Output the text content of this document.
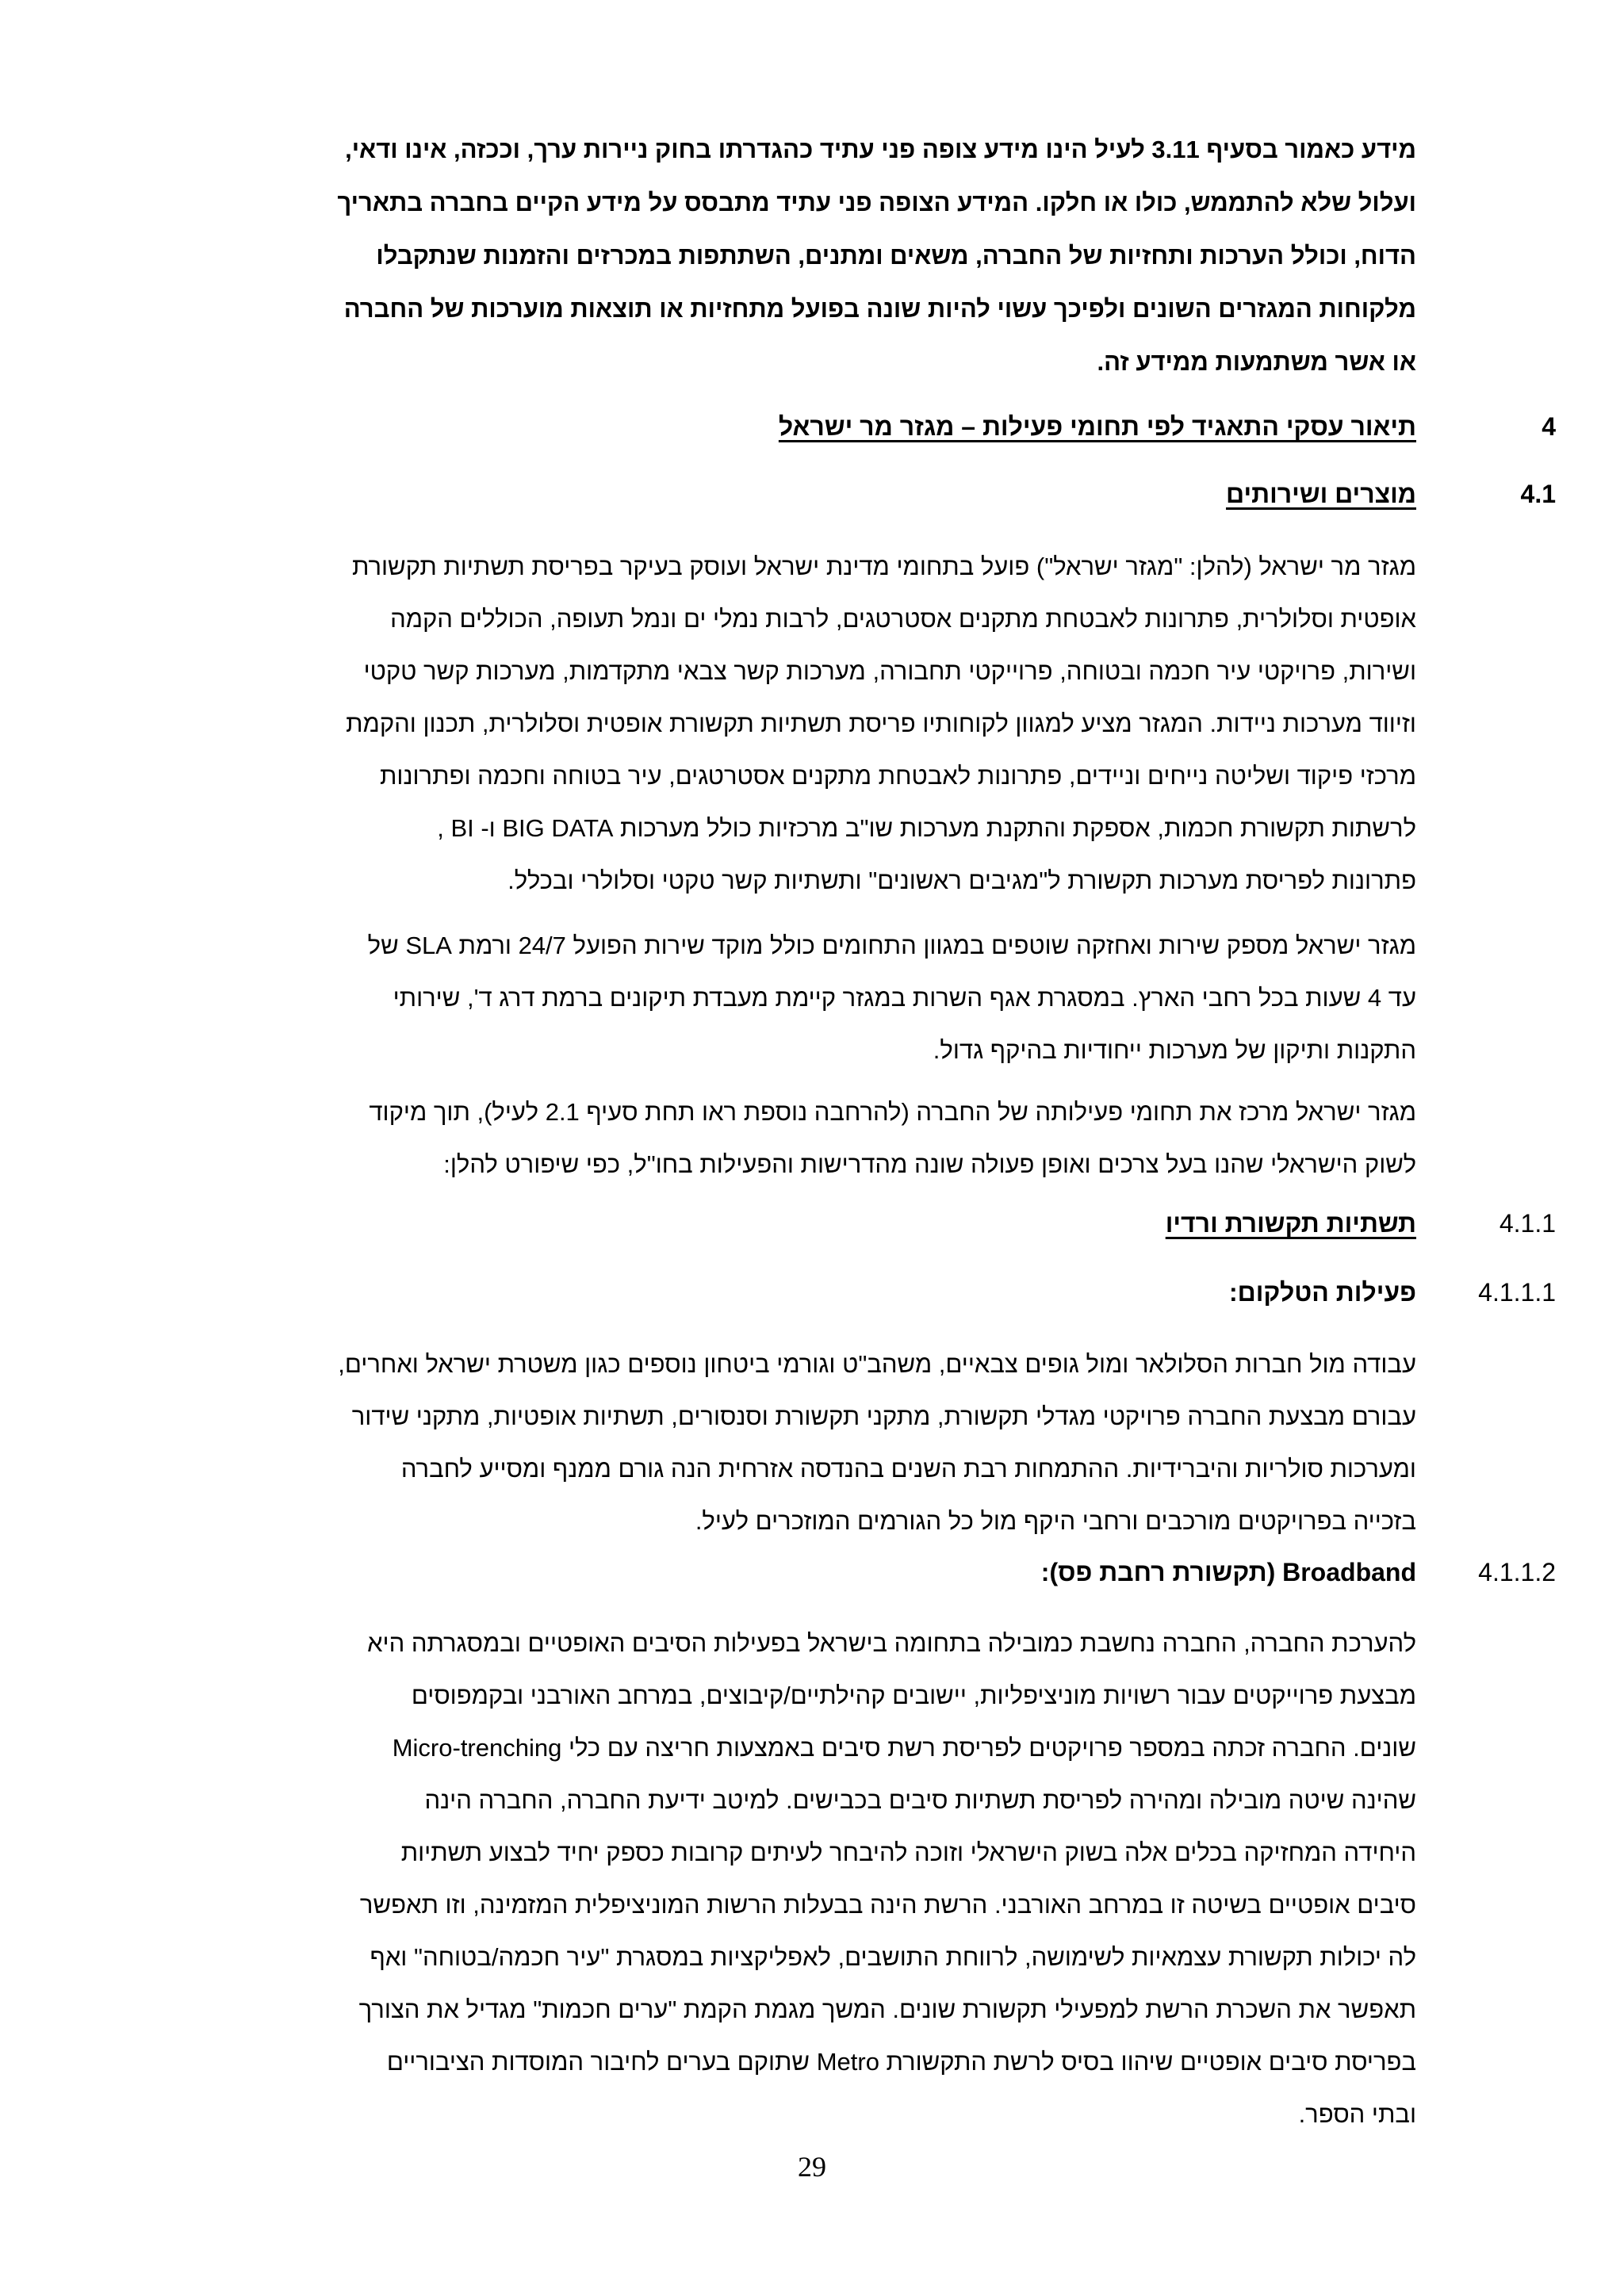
מידע כאמור בסעיף 3.11 לעיל הינו מידע צופה פני עתיד כהגדרתו בחוק ניירות ערך, וככזה, אינו ודאי,
ועלול שלא להתממש, כולו או חלקו. המידע הצופה פני עתיד מתבסס על מידע הקיים בחברה בתאריך
הדוח, וכולל הערכות ותחזיות של החברה, משאים ומתנים, השתתפות במכרזים והזמנות שנתקבלו
מלקוחות המגזרים השונים ולפיכך עשוי להיות שונה בפועל מתחזיות או תוצאות מוערכות של החברה
או אשר משתמעות ממידע זה.
4
תיאור עסקי התאגיד לפי תחומי פעילות – מגזר מר ישראל
4.1
מוצרים ושירותים
מגזר מר ישראל (להלן: "מגזר ישראל") פועל בתחומי מדינת ישראל ועוסק בעיקר בפריסת תשתיות תקשורת
אופטית וסלולרית, פתרונות לאבטחת מתקנים אסטרטגים, לרבות נמלי ים ונמל תעופה, הכוללים הקמה
ושירות, פרויקטי עיר חכמה ובטוחה, פרוייקטי תחבורה, מערכות קשר צבאי מתקדמות, מערכות קשר טקטי
וזיווד מערכות ניידות. המגזר מציע למגוון לקוחותיו פריסת תשתיות תקשורת אופטית וסלולרית, תכנון והקמת
מרכזי פיקוד ושליטה נייחים וניידים, פתרונות לאבטחת מתקנים אסטרטגים, עיר בטוחה וחכמה ופתרונות
לרשתות תקשורת חכמות, אספקת והתקנת מערכות שו"ב מרכזיות כולל מערכות BIG DATA ו- BI ,
פתרונות לפריסת מערכות תקשורת ל"מגיבים ראשונים" ותשתיות קשר טקטי וסלולרי ובכלל.
מגזר ישראל מספק שירות ואחזקה שוטפים במגוון התחומים כולל מוקד שירות הפועל 24/7 ורמת SLA של
עד 4 שעות בכל רחבי הארץ. במסגרת אגף השרות במגזר קיימת מעבדת תיקונים ברמת דרג ד', שירותי
התקנות ותיקון של מערכות ייחודיות בהיקף גדול.
מגזר ישראל מרכז את תחומי פעילותה של החברה (להרחבה נוספת ראו תחת סעיף 2.1 לעיל), תוך מיקוד
לשוק הישראלי שהנו בעל צרכים ואופן פעולה שונה מהדרישות והפעילות בחו"ל, כפי שיפורט להלן:
4.1.1
תשתיות תקשורת ורדיו
4.1.1.1
פעילות הטלקום:
עבודה מול חברות הסלולאר ומול גופים צבאיים, משהב"ט וגורמי ביטחון נוספים כגון משטרת ישראל ואחרים,
עבורם מבצעת החברה פרויקטי מגדלי תקשורת, מתקני תקשורת וסנסורים, תשתיות אופטיות, מתקני שידור
ומערכות סולריות והיברידיות. ההתמחות רבת השנים בהנדסה אזרחית הנה גורם ממנף ומסייע לחברה
בזכייה בפרויקטים מורכבים ורחבי היקף מול כל הגורמים המוזכרים לעיל.
4.1.1.2
Broadband (תקשורת רחבת פס):
להערכת החברה, החברה נחשבת כמובילה בתחומה בישראל בפעילות הסיבים האופטיים ובמסגרתה היא
מבצעת פרוייקטים עבור רשויות מוניציפליות, יישובים קהילתיים/קיבוצים, במרחב האורבני ובקמפוסים
שונים. החברה זכתה במספר פרויקטים לפריסת רשת סיבים באמצעות חריצה עם כלי Micro-trenching
שהינה שיטה מובילה ומהירה לפריסת תשתיות סיבים בכבישים. למיטב ידיעת החברה, החברה הינה
היחידה המחזיקה בכלים אלה בשוק הישראלי וזוכה להיבחר לעיתים קרובות כספק יחיד לבצוע תשתיות
סיבים אופטיים בשיטה זו במרחב האורבני. הרשת הינה בבעלות הרשות המוניציפלית המזמינה, וזו תאפשר
לה יכולות תקשורת עצמאיות לשימושה, לרווחת התושבים, לאפליקציות במסגרת "עיר חכמה/בטוחה" ואף
תאפשר את השכרת הרשת למפעילי תקשורת שונים. המשך מגמת הקמת "ערים חכמות" מגדיל את הצורך
בפריסת סיבים אופטיים שיהוו בסיס לרשת התקשורת Metro שתוקם בערים לחיבור המוסדות הציבוריים
ובתי הספר.
29
